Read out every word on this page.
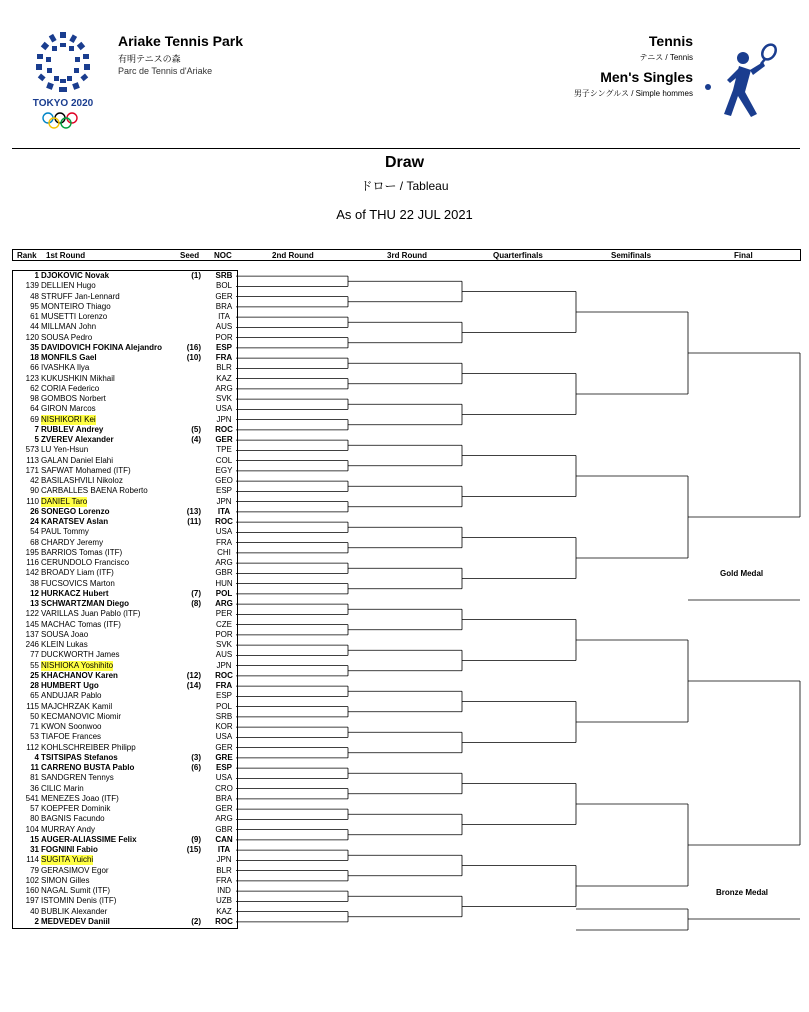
TOKYO 2020
Ariake Tennis Park
有明テニスの森
Parc de Tennis d'Ariake
Tennis
テニス / Tennis
Men's Singles
男子シングルス / Simple hommes
Draw
ドロー / Tableau
As of THU 22 JUL 2021
Rank 1st Round	Seed NOC	2nd Round	3rd Round	Quarterfinals	Semifinals	Final
1 DJOKOVIC Novak	(1)	SRB
139 DELLIEN Hugo	BOL
48 STRUFF Jan-Lennard	GER
95 MONTEIRO Thiago	BRA
61 MUSETTI Lorenzo	ITA
44 MILLMAN John	AUS
120 SOUSA Pedro	POR
35 DAVIDOVICH FOKINA Alejandro	(16)	ESP
18 MONFILS Gael	(10)	FRA
66 IVASHKA Ilya	BLR
123 KUKUSHKIN Mikhail	KAZ
62 CORIA Federico	ARG
98 GOMBOS Norbert	SVK
64 GIRON Marcos	USA
69 NISHIKORI Kei	JPN
7 RUBLEV Andrey	(5) ROC
5 ZVEREV Alexander	(4) GER
573 LU Yen-Hsun	TPE
113 GALAN Daniel Elahi	COL
171 SAFWAT Mohamed (ITF)	EGY
42 BASILASHVILI Nikoloz	GEO
90 CARBALLES BAENA Roberto	ESP
110 DANIEL Taro	JPN
26 SONEGO Lorenzo	(13)	ITA
24 KARATSEV Aslan	(11) ROC
54 PAUL Tommy	USA
68 CHARDY Jeremy	FRA
195 BARRIOS Tomas (ITF)	CHI
116 CERUNDOLO Francisco	ARG
142 BROADY Liam (ITF)	GBR
38 FUCSOVICS Marton	HUN
12 HURKACZ Hubert	(7)	POL
13 SCHWARTZMAN Diego	(8) ARG
122 VARILLAS Juan Pablo (ITF)	PER
145 MACHAC Tomas (ITF)	CZE
137 SOUSA Joao	POR
246 KLEIN Lukas	SVK
77 DUCKWORTH James	AUS
55 NISHIOKA Yoshihito	JPN
25 KHACHANOV Karen	(12) ROC
28 HUMBERT Ugo	(14)	FRA
65 ANDUJAR Pablo	ESP
115 MAJCHRZAK Kamil	POL
50 KECMANOVIC Miomir	SRB
71 KWON Soonwoo	KOR
53 TIAFOE Frances	USA
112 KOHLSCHREIBER Philipp	GER
4 TSITSIPAS Stefanos	(3) GRE
11 CARRENO BUSTA Pablo	(6)	ESP
81 SANDGREN Tennys	USA
36 CILIC Marin	CRO
541 MENEZES Joao (ITF)	BRA
57 KOEPFER Dominik	GER
80 BAGNIS Facundo	ARG
104 MURRAY Andy	GBR
15 AUGER-ALIASSIME Felix	(9) CAN
31 FOGNINI Fabio	(15)	ITA
114 SUGITA Yuichi	JPN
79 GERASIMOV Egor	BLR
102 SIMON Gilles	FRA
160 NAGAL Sumit (ITF)	IND
197 ISTOMIN Denis (ITF)	UZB
40 BUBLIK Alexander	KAZ
2 MEDVEDEV Daniil	(2) ROC
Gold Medal
Bronze Medal
